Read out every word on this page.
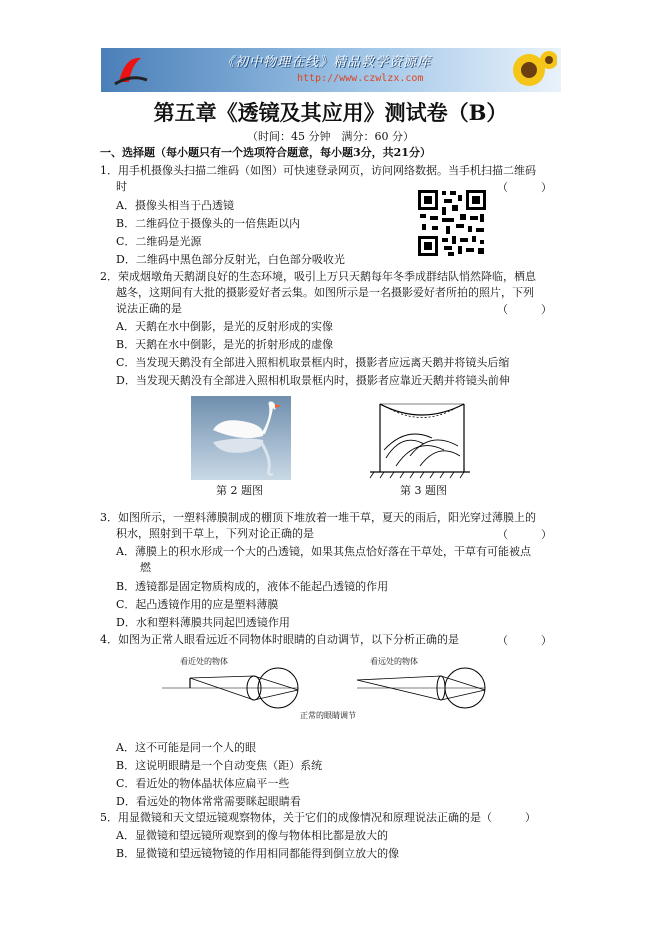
《初中物理在线》精品教学资源库
http://www.czwlzx.com
第五章《透镜及其应用》测试卷（B）
（时间：45 分钟　满分：60 分）
一、选择题（每小题只有一个选项符合题意，每小题3分，共21分）
1．用手机摄像头扫描二维码（如图）可快速登录网页，访问网络数据。当手机扫描二维码
时	（　　　）
A．摄像头相当于凸透镜
B．二维码位于摄像头的一倍焦距以内
C．二维码是光源
D．二维码中黑色部分反射光，白色部分吸收光
2．荣成烟墩角天鹅湖良好的生态环境，吸引上万只天鹅每年冬季成群结队悄然降临，栖息
越冬，这期间有大批的摄影爱好者云集。如图所示是一名摄影爱好者所拍的照片，下列
说法正确的是	（　　　）
A．天鹅在水中倒影，是光的反射形成的实像
B．天鹅在水中倒影，是光的折射形成的虚像
C．当发现天鹅没有全部进入照相机取景框内时，摄影者应远离天鹅并将镜头后缩
D．当发现天鹅没有全部进入照相机取景框内时，摄影者应靠近天鹅并将镜头前伸
第 2 题图	第 3 题图
3．如图所示，一塑料薄膜制成的棚顶下堆放着一堆干草，夏天的雨后，阳光穿过薄膜上的
积水，照射到干草上，下列对论正确的是	（　　　）
A．薄膜上的积水形成一个大的凸透镜，如果其焦点恰好落在干草处，干草有可能被点
燃
B．透镜都是固定物质构成的，液体不能起凸透镜的作用
C．起凸透镜作用的应是塑料薄膜
D．水和塑料薄膜共同起凹透镜作用
4．如图为正常人眼看远近不同物体时眼睛的自动调节，以下分析正确的是	（　　　）
看近处的物体	看远处的物体
正常的眼睛调节
A．这不可能是同一个人的眼
B．这说明眼睛是一个自动变焦（距）系统
C．看近处的物体晶状体应扁平一些
D．看远处的物体常常需要眯起眼睛看
5．用显微镜和天文望远镜观察物体，关于它们的成像情况和原理说法正确的是（　　　）
A．显微镜和望远镜所观察到的像与物体相比都是放大的
B．显微镜和望远镜物镜的作用相同都能得到倒立放大的像
